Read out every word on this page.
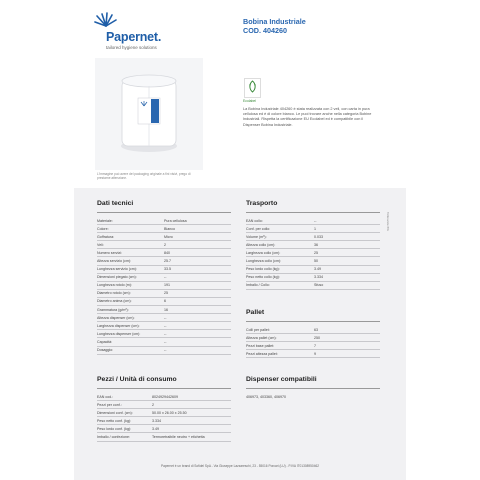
Papernet.
tailored hygiene solutions
L'immagine può avere del packaging originale a fini visivi, prego di prestarne attenzione.
Bobina Industriale
COD. 404260
Ecolabel
La Bobina Industriale 404260 è stata realizzata con 2 veli, con carta in pura cellulosa ed è di colore bianco. Le puoi trovare anche nella categoria Bobine Industriali. Rispetta la certificazione EU Ecolabel ed è compatibile con il Dispenser Bobina Industriale.
Tolleranze 8%
Dati tecnici
Materiale:	Pura cellulosa
Colore:	Bianco
Goffratura:	Micro
Veli:	2
Numero servizi:	840
Altezza servizio (cm):	25.7
Lunghezza servizio (cm):	33.5
Dimensioni piegato (cm):	--
Lunghezza rotolo (m):	191
Diametro rotolo (cm):	25
Diametro anima (cm):	6
Grammatura (g/m²):	16
Altezza dispenser (cm):	--
Larghezza dispenser (cm):	--
Lunghezza dispenser (cm):	--
Capacità:	--
Dosaggio:	--
Trasporto
EAN collo:	--
Conf. per collo:	1
Volume (m³):	0.033
Altezza collo (cm):	36
Larghezza collo (cm):	25
Lunghezza collo (cm):	50
Peso lordo collo (kg):	3.49
Peso netto collo (kg):	3.334
Imballo / Collo:	Sfuso
Pallet
Colli per pallet:	63
Altezza pallet (cm):	250
Pezzi base pallet:	7
Pezzi altezza pallet:	9
Pezzi / Unità di consumo
EAN cod.:	8024929442609
Pezzi per conf.:	2
Dimensioni conf. (cm):	50.00 x 26.00 x 25.50
Peso netto conf. (kg):	3.334
Peso lordo conf. (kg):	3.49
Imballo / confezione:	Termoretraibile neutro + etichetta
Dispenser compatibili
406973, 403360, 406970
Papernet è un brand di Sofidel SpA - Via Giuseppe Lazzareschi, 23 - 55016 Porcari (LU) - P.IVA IT01308950462
